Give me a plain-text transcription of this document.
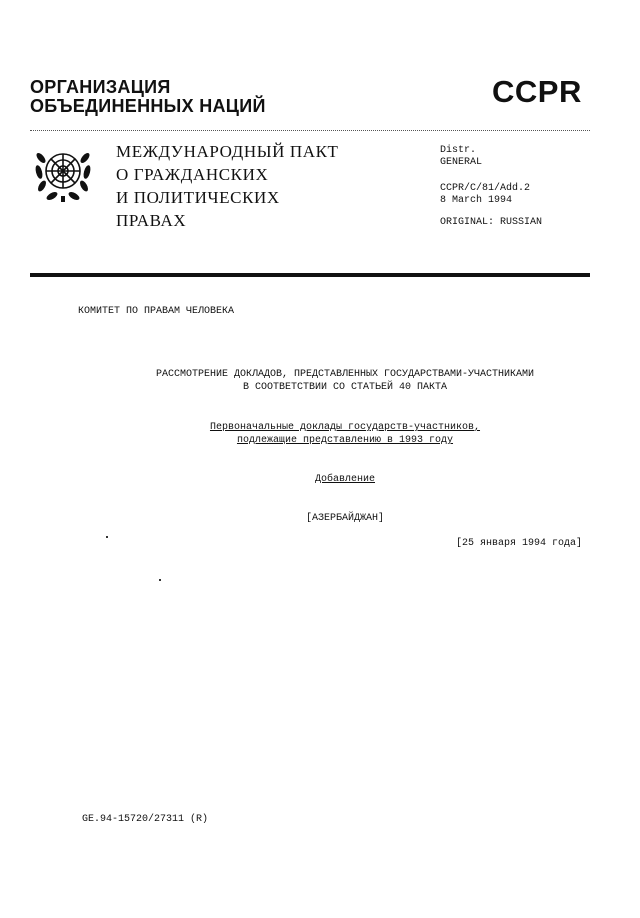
ОРГАНИЗАЦИЯ
ОБЪЕДИНЕННЫХ НАЦИЙ	CCPR
МЕЖДУНАРОДНЫЙ ПАКТ
О ГРАЖДАНСКИХ
И ПОЛИТИЧЕСКИХ
ПРАВАХ
Distr.
GENERAL
CCPR/C/81/Add.2
8 March 1994
ORIGINAL: RUSSIAN
КОМИТЕТ ПО ПРАВАМ ЧЕЛОВЕКА
РАССМОТРЕНИЕ ДОКЛАДОВ, ПРЕДСТАВЛЕННЫХ ГОСУДАРСТВАМИ-УЧАСТНИКАМИ
В СООТВЕТСТВИИ СО СТАТЬЕЙ 40 ПАКТА
Первоначальные доклады государств-участников,
подлежащие представлению в 1993 году
Добавление
[АЗЕРБАЙДЖАН]
[25 января 1994 года]
GE.94-15720/27311 (R)
